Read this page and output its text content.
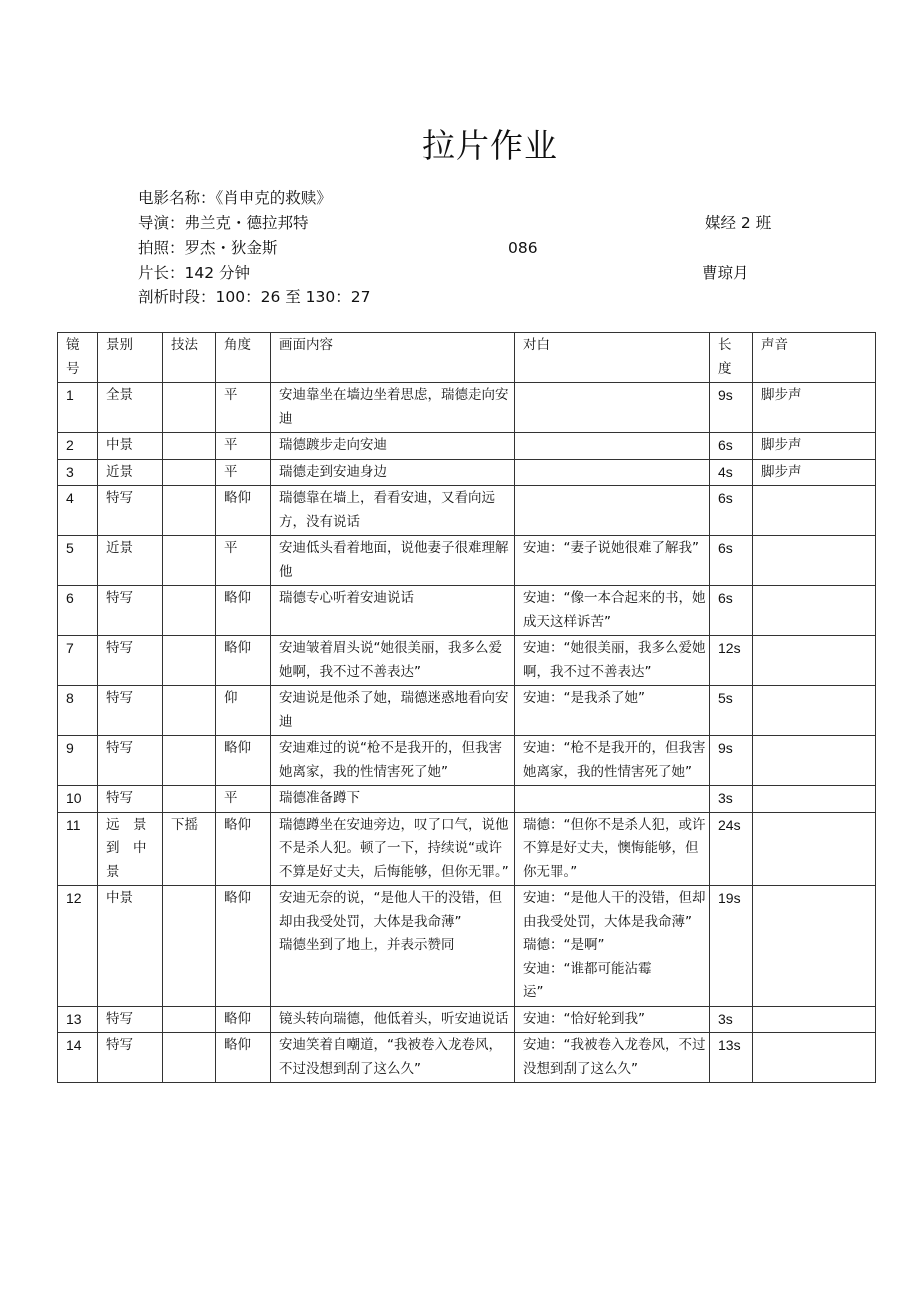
拉片作业
电影名称：《肖申克的救赎》
导演：弗兰克・德拉邦特	媒经 2 班
拍照：罗杰・狄金斯	086
片长：142 分钟	曹琼月
剖析时段：100：26 至 130：27
镜
号	景别	技法	角度	画面内容	对白	长
度	声音
1	全景		平	安迪靠坐在墙边坐着思虑，瑞德走向安迪		9s	脚步声
2	中景		平	瑞德踱步走向安迪		6s	脚步声
3	近景		平	瑞德走到安迪身边		4s	脚步声
4	特写		略仰	瑞德靠在墙上，看看安迪，又看向远方，没有说话		6s	
5	近景		平	安迪低头看着地面，说他妻子很难理解他	安迪：“妻子说她很难了解我”	6s	
6	特写		略仰	瑞德专心听着安迪说话	安迪：“像一本合起来的书，她成天这样诉苦”	6s	
7	特写		略仰	安迪皱着眉头说“她很美丽，我多么爱她啊，我不过不善表达”	安迪：“她很美丽，我多么爱她啊，我不过不善表达”	12s	
8	特写		仰	安迪说是他杀了她，瑞德迷惑地看向安迪	安迪：“是我杀了她”	5s	
9	特写		略仰	安迪难过的说“枪不是我开的，但我害她离家，我的性情害死了她”	安迪：“枪不是我开的，但我害她离家，我的性情害死了她”	9s	
10	特写		平	瑞德准备蹲下		3s	
11	远　景
到　中
景	下摇	略仰	瑞德蹲坐在安迪旁边，叹了口气，说他不是杀人犯。顿了一下，持续说“或许不算是好丈夫，后悔能够，但你无罪。”	瑞德：“但你不是杀人犯，或许不算是好丈夫，懊悔能够，但你无罪。”	24s	
12	中景		略仰	安迪无奈的说，“是他人干的没错，但却由我受处罚，大体是我命薄”
瑞德坐到了地上，并表示赞同	安迪：“是他人干的没错，但却由我受处罚，大体是我命薄”
瑞德：“是啊”
安迪：“谁都可能沾霉
运”	19s	
13	特写		略仰	镜头转向瑞德，他低着头，听安迪说话	安迪：“恰好轮到我”	3s	
14	特写		略仰	安迪笑着自嘲道，“我被卷入龙卷风，不过没想到刮了这么久”	安迪：“我被卷入龙卷风，不过没想到刮了这么久”	13s	
